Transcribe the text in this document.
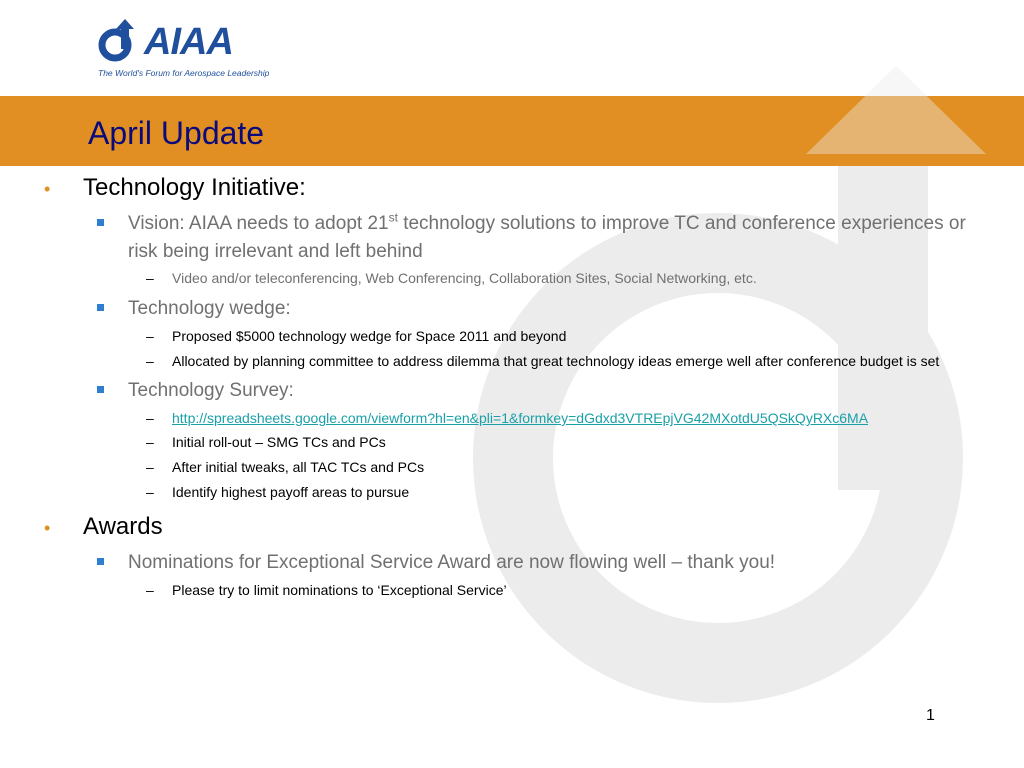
AIAA
The World's Forum for Aerospace Leadership
April Update
• Technology Initiative:

Vision: AIAA needs to adopt 21st technology solutions to improve TC and conference experiences or risk being irrelevant and left behind

– Video and/or teleconferencing, Web Conferencing, Collaboration Sites, Social Networking, etc.

Technology wedge:

– Proposed $5000 technology wedge for Space 2011 and beyond

– Allocated by planning committee to address dilemma that great technology ideas emerge well after conference budget is set

Technology Survey:

– http://spreadsheets.google.com/viewform?hl=en&pli=1&formkey=dGdxd3VTREpjVG42MXotdU5QSkQyRXc6MA

– Initial roll-out – SMG TCs and PCs

– After initial tweaks, all TAC TCs and PCs

– Identify highest payoff areas to pursue

• Awards

Nominations for Exceptional Service Award are now flowing well – thank you!

– Please try to limit nominations to ‘Exceptional Service’

1
